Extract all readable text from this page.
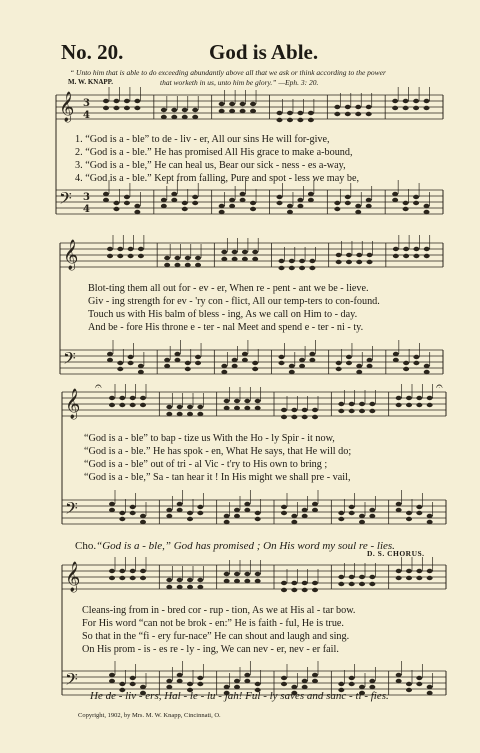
No. 20.	God is Able.
“ Unto him that is able to do exceeding abundantly above all that we ask or think according to the power
M. W. KNAPP.	that worketh in us, unto him be glory.” —Eph. 3: 20.
𝄞
𝄢
𝄞
𝄢
𝄞
𝄢
𝄞
𝄢
3
4
3
4
𝄐	𝄐
1. “God is a - ble” to de - liv - er, All our sins He will for-give,
2. “God is a - ble.” He has promised All His grace to make a-bound,
3. “God is a - ble,” He can heal us, Bear our sick - ness - es a-way,
4. “God is a - ble.” Kept from falling, Pure and spot - less we may be,
Blot-ting them all out for - ev - er, When re - pent - ant we be - lieve.
Giv - ing strength for ev - 'ry con - flict, All our temp-ters to con-found.
Touch us with His balm of bless - ing, As we call on Him to - day.
And be - fore His throne e - ter - nal Meet and spend e - ter - ni - ty.
“God is a - ble” to bap - tize us With the Ho - ly Spir - it now,
“God is a - ble.” He has spok - en, What He says, that He will do;
“God is a - ble” out of tri - al Vic - t'ry to His own to bring ;
“God is a - ble,” Sa - tan hear it ! In His might we shall pre - vail,
Cho.“God is a - ble,” God has promised ; On His word my soul re - lies.
D. S. CHORUS.
Cleans-ing from in - bred cor - rup - tion, As we at His al - tar bow.
For His word “can not be brok - en:” He is faith - ful, He is true.
So that in the “fi - ery fur-nace” He can shout and laugh and sing.
On His prom - is - es re - ly - ing, We can nev - er, nev - er fail.
He de - liv - ers, Hal - le - lu - jah! Ful - ly saves and sanc - ti - fies.
Copyright, 1902, by Mrs. M. W. Knapp, Cincinnati, O.
